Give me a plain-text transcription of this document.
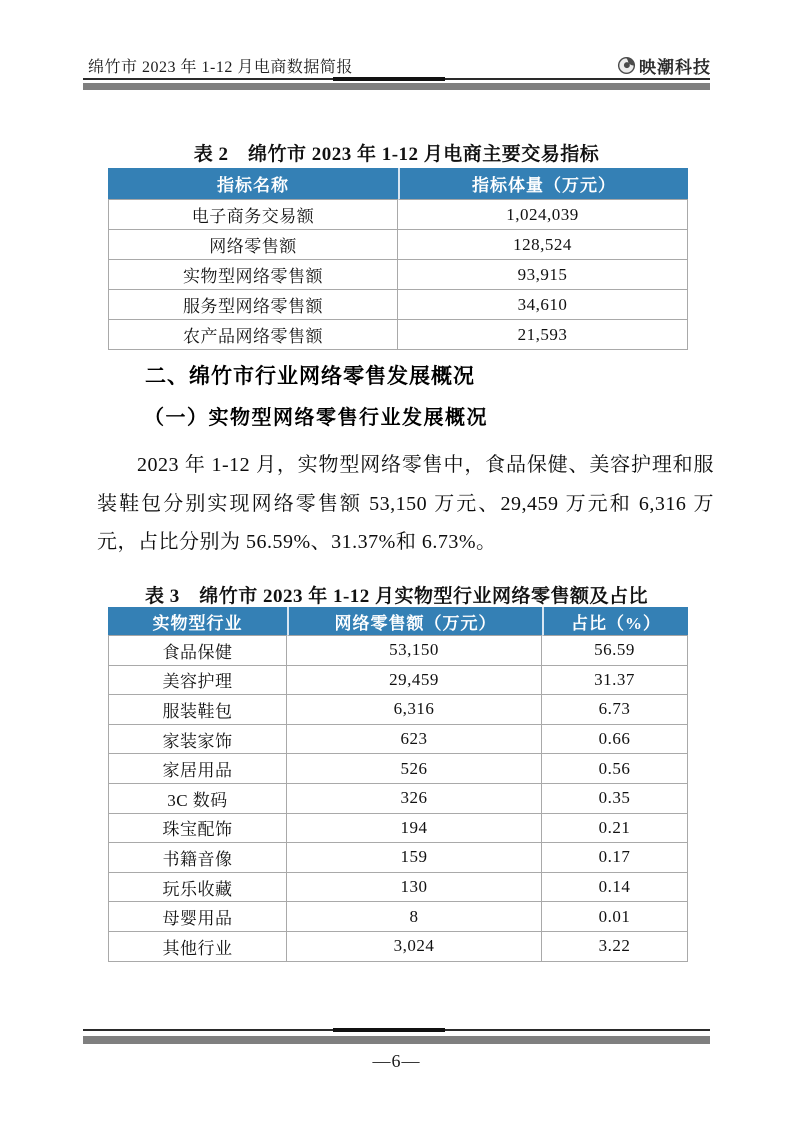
绵竹市 2023 年 1-12 月电商数据简报	映潮科技

表 2　绵竹市 2023 年 1-12 月电商主要交易指标

指标名称	指标体量（万元）
电子商务交易额	1,024,039
网络零售额	128,524
实物型网络零售额	93,915
服务型网络零售额	34,610
农产品网络零售额	21,593
二、绵竹市行业网络零售发展概况
（一）实物型网络零售行业发展概况

2023 年 1-12 月，实物型网络零售中，食品保健、美容护理和服装鞋包分别实现网络零售额 53,150 万元、29,459 万元和 6,316 万元，占比分别为 56.59%、31.37%和 6.73%。

表 3　绵竹市 2023 年 1-12 月实物型行业网络零售额及占比

实物型行业	网络零售额（万元）	占比（%）
食品保健	53,150	56.59
美容护理	29,459	31.37
服装鞋包	6,316	6.73
家装家饰	623	0.66
家居用品	526	0.56
3C 数码	326	0.35
珠宝配饰	194	0.21
书籍音像	159	0.17
玩乐收藏	130	0.14
母婴用品	8	0.01
其他行业	3,024	3.22

—6—
